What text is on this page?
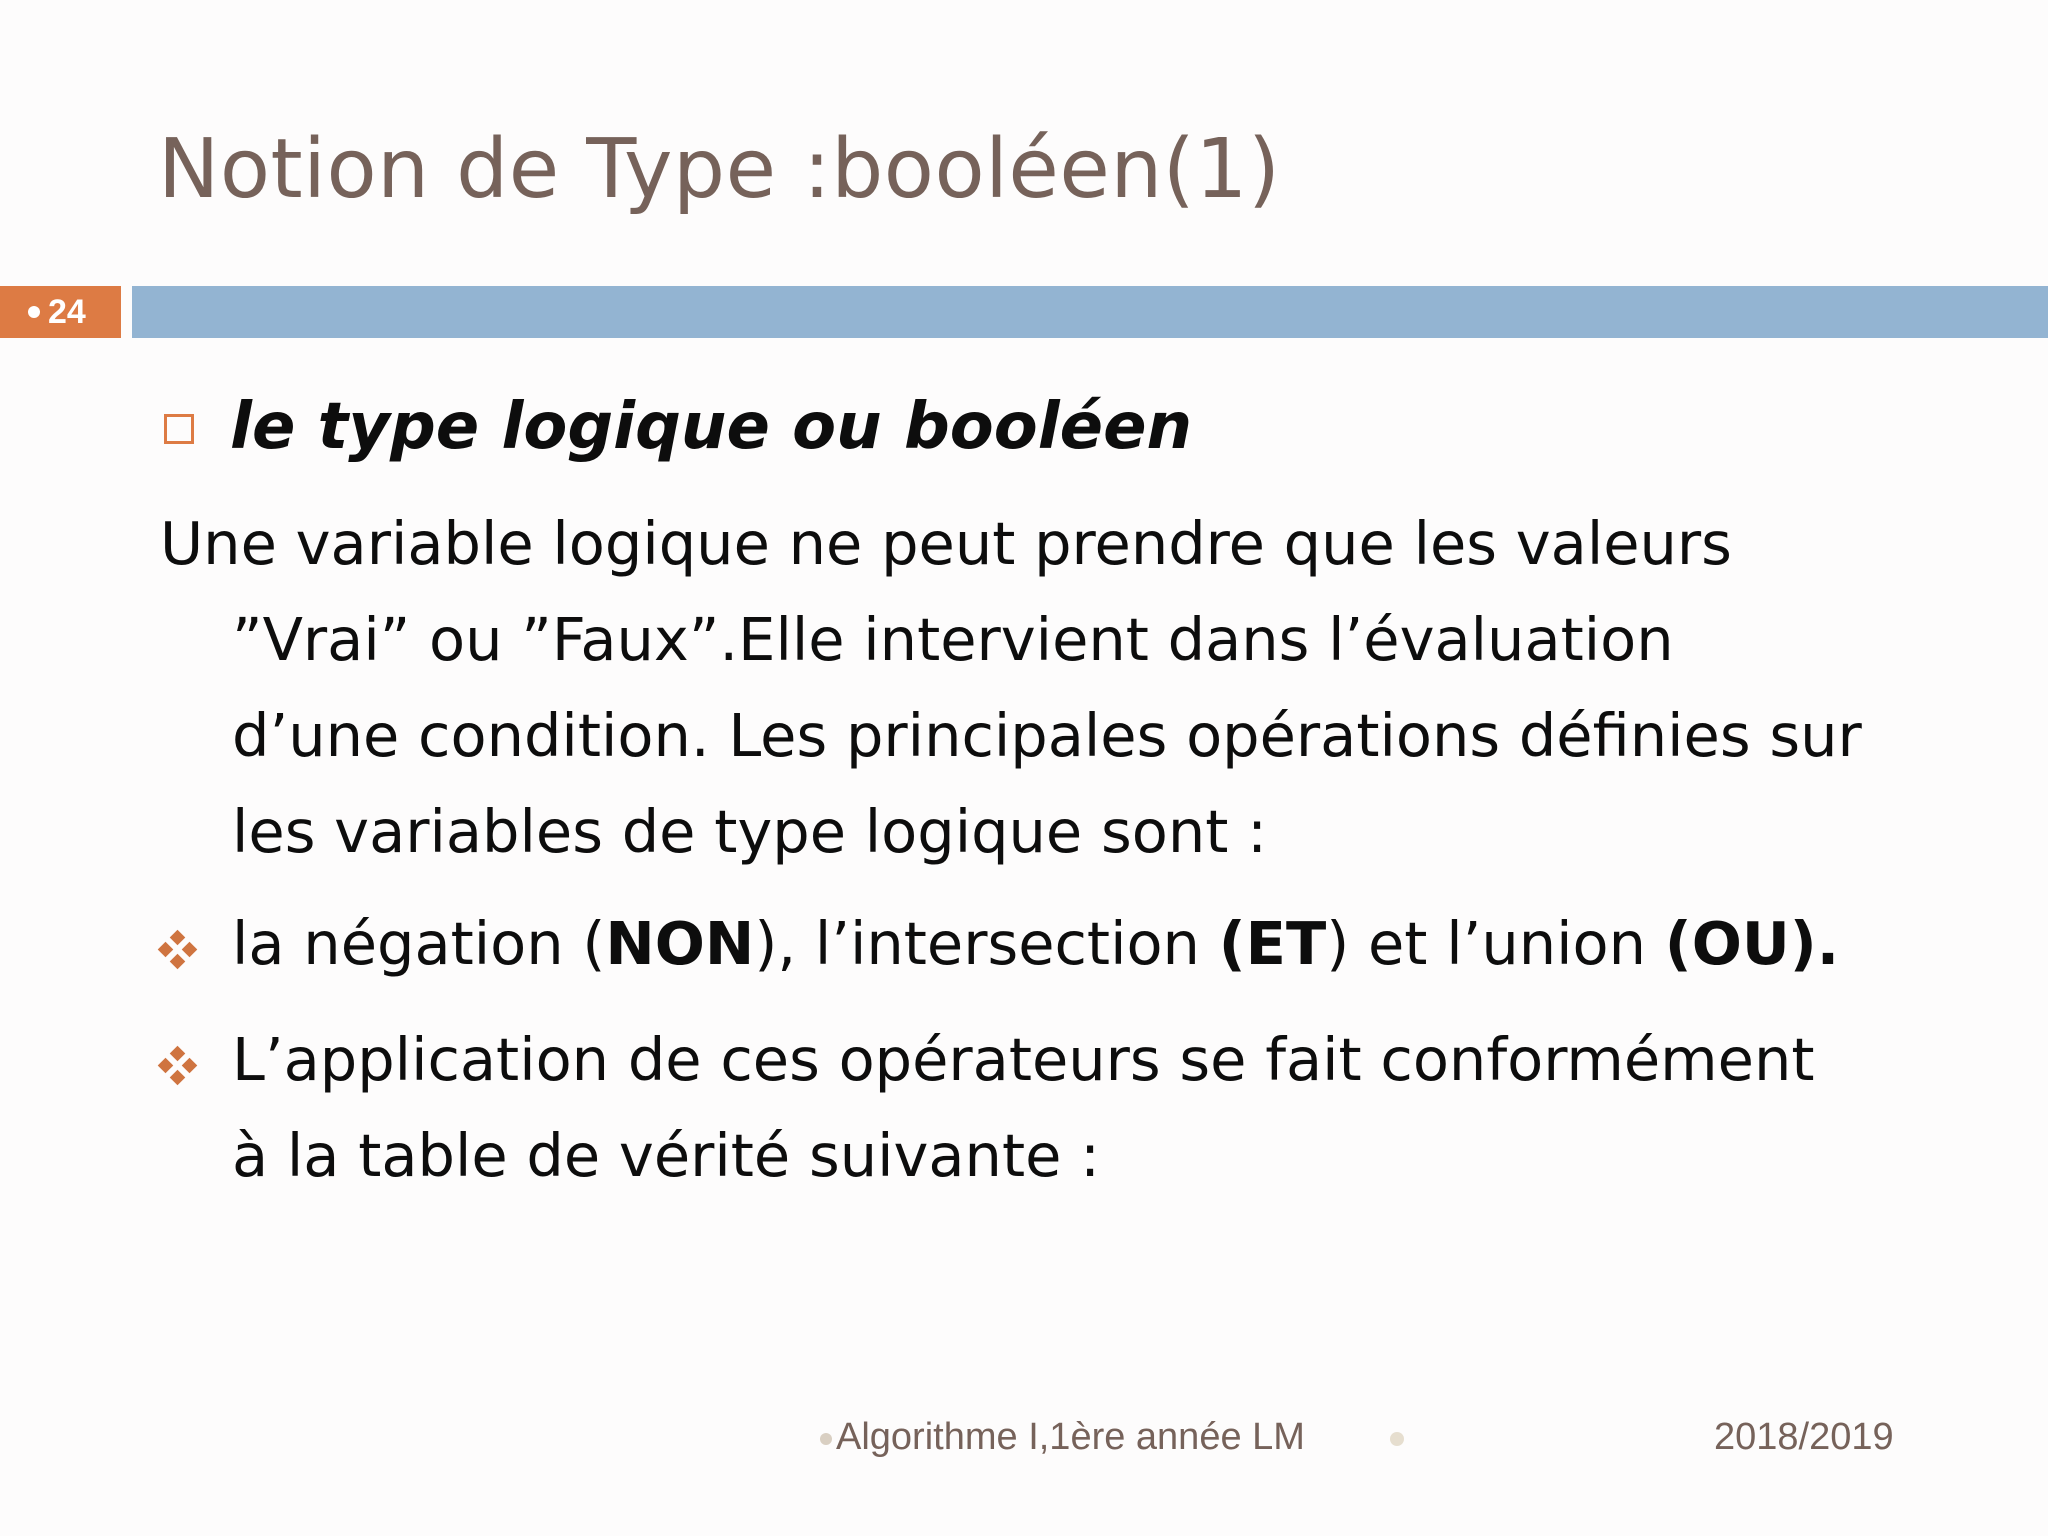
Notion de Type :booléen(1)
24
le type logique ou booléen
Une variable logique ne peut prendre que les valeurs
”Vrai” ou ”Faux”.Elle intervient dans l’évaluation
d’une condition. Les principales opérations définies sur
les variables de type logique sont :
la négation (NON), l’intersection (ET) et l’union (OU).
L’application de ces opérateurs se fait conformément
à la table de vérité suivante :
Algorithme I,1ère année LM	2018/2019
